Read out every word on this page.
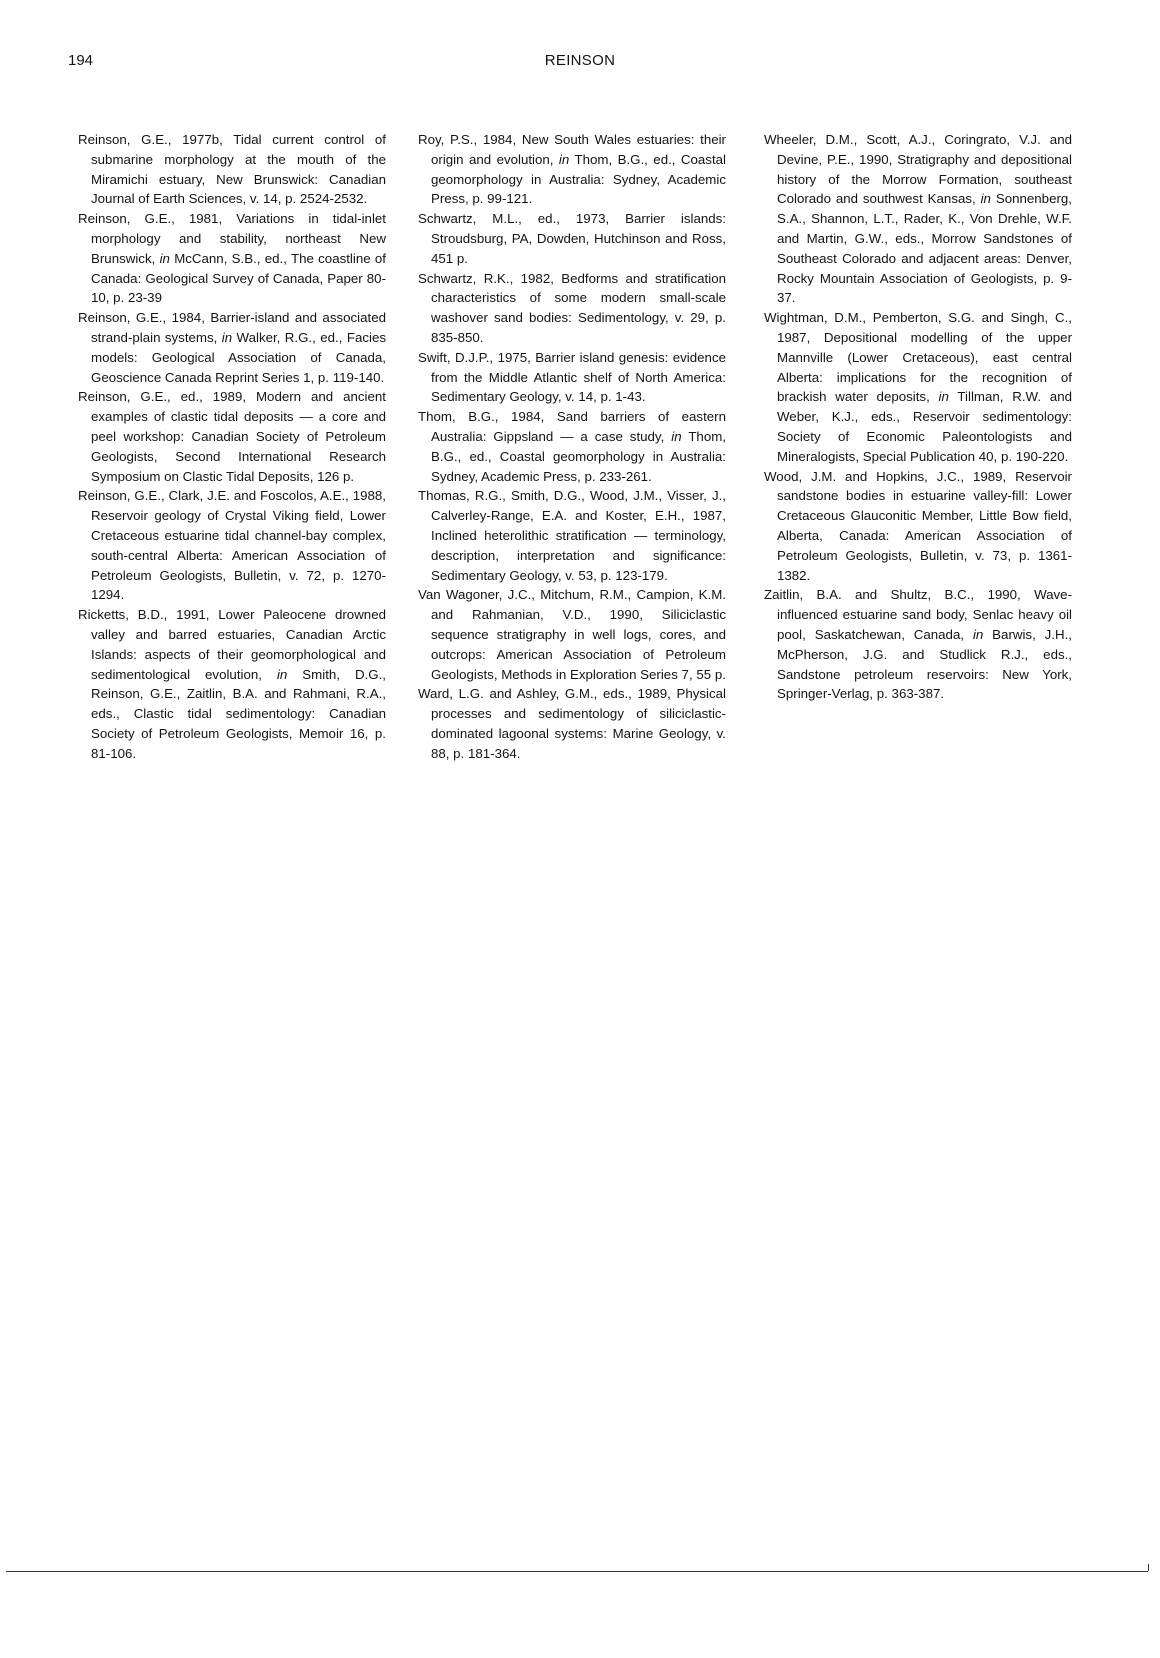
194	REINSON

Reinson, G.E., 1977b, Tidal current control of submarine morphology at the mouth of the Miramichi estuary, New Brunswick: Canadian Journal of Earth Sciences, v. 14, p. 2524-2532.

Reinson, G.E., 1981, Variations in tidal-inlet morphology and stability, northeast New Brunswick, in McCann, S.B., ed., The coastline of Canada: Geological Survey of Canada, Paper 80-10, p. 23-39

Reinson, G.E., 1984, Barrier-island and associated strand-plain systems, in Walker, R.G., ed., Facies models: Geological Association of Canada, Geoscience Canada Reprint Series 1, p. 119-140.

Reinson, G.E., ed., 1989, Modern and ancient examples of clastic tidal deposits — a core and peel workshop: Canadian Society of Petroleum Geologists, Second International Research Symposium on Clastic Tidal Deposits, 126 p.

Reinson, G.E., Clark, J.E. and Foscolos, A.E., 1988, Reservoir geology of Crystal Viking field, Lower Cretaceous estuarine tidal channel-bay complex, south-central Alberta: American Association of Petroleum Geologists, Bulletin, v. 72, p. 1270-1294.

Ricketts, B.D., 1991, Lower Paleocene drowned valley and barred estuaries, Canadian Arctic Islands: aspects of their geomorphological and sedimentological evolution, in Smith, D.G., Reinson, G.E., Zaitlin, B.A. and Rahmani, R.A., eds., Clastic tidal sedimentology: Canadian Society of Petroleum Geologists, Memoir 16, p. 81-106.

Roy, P.S., 1984, New South Wales estuaries: their origin and evolution, in Thom, B.G., ed., Coastal geomorphology in Australia: Sydney, Academic Press, p. 99-121.

Schwartz, M.L., ed., 1973, Barrier islands: Stroudsburg, PA, Dowden, Hutchinson and Ross, 451 p.

Schwartz, R.K., 1982, Bedforms and stratification characteristics of some modern small-scale washover sand bodies: Sedimentology, v. 29, p. 835-850.

Swift, D.J.P., 1975, Barrier island genesis: evidence from the Middle Atlantic shelf of North America: Sedimentary Geology, v. 14, p. 1-43.

Thom, B.G., 1984, Sand barriers of eastern Australia: Gippsland — a case study, in Thom, B.G., ed., Coastal geomorphology in Australia: Sydney, Academic Press, p. 233-261.

Thomas, R.G., Smith, D.G., Wood, J.M., Visser, J., Calverley-Range, E.A. and Koster, E.H., 1987, Inclined heterolithic stratification — terminology, description, interpretation and significance: Sedimentary Geology, v. 53, p. 123-179.

Van Wagoner, J.C., Mitchum, R.M., Campion, K.M. and Rahmanian, V.D., 1990, Siliciclastic sequence stratigraphy in well logs, cores, and outcrops: American Association of Petroleum Geologists, Methods in Exploration Series 7, 55 p.

Ward, L.G. and Ashley, G.M., eds., 1989, Physical processes and sedimentology of siliciclastic-dominated lagoonal systems: Marine Geology, v. 88, p. 181-364.

Wheeler, D.M., Scott, A.J., Coringrato, V.J. and Devine, P.E., 1990, Stratigraphy and depositional history of the Morrow Formation, southeast Colorado and southwest Kansas, in Sonnenberg, S.A., Shannon, L.T., Rader, K., Von Drehle, W.F. and Martin, G.W., eds., Morrow Sandstones of Southeast Colorado and adjacent areas: Denver, Rocky Mountain Association of Geologists, p. 9-37.

Wightman, D.M., Pemberton, S.G. and Singh, C., 1987, Depositional modelling of the upper Mannville (Lower Cretaceous), east central Alberta: implications for the recognition of brackish water deposits, in Tillman, R.W. and Weber, K.J., eds., Reservoir sedimentology: Society of Economic Paleontologists and Mineralogists, Special Publication 40, p. 190-220.

Wood, J.M. and Hopkins, J.C., 1989, Reservoir sandstone bodies in estuarine valley-fill: Lower Cretaceous Glauconitic Member, Little Bow field, Alberta, Canada: American Association of Petroleum Geologists, Bulletin, v. 73, p. 1361-1382.

Zaitlin, B.A. and Shultz, B.C., 1990, Wave-influenced estuarine sand body, Senlac heavy oil pool, Saskatchewan, Canada, in Barwis, J.H., McPherson, J.G. and Studlick R.J., eds., Sandstone petroleum reservoirs: New York, Springer-Verlag, p. 363-387.
